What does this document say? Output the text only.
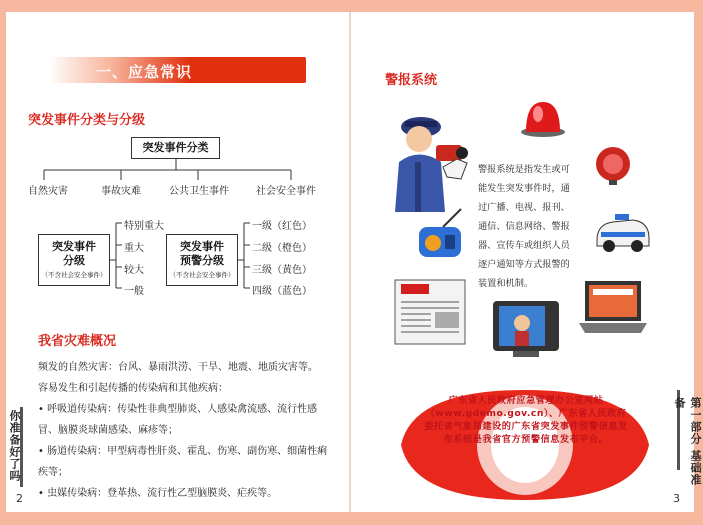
一、应急常识
突发事件分类与分级
突发事件分类
自然灾害	事故灾难	公共卫生事件	社会安全事件
突发事件
分级
（不含社会安全事件）
特别重大
重大
较大
一般
突发事件
预警分级
（不含社会安全事件）
一级（红色）
二级（橙色）
三级（黄色）
四级（蓝色）
我省灾难概况

频发的自然灾害：台风、暴雨洪涝、干旱、地震、地质灾害等。

容易发生和引起传播的传染病和其他疾病：

• 呼吸道传染病：传染性非典型肺炎、人感染禽流感、流行性感冒、脑膜炎球菌感染、麻疹等；

• 肠道传染病：甲型病毒性肝炎、霍乱、伤寒、副伤寒、细菌性痢疾等；

• 虫媒传染病：登革热、流行性乙型脑膜炎、疟疾等。

你准备好了吗
2
警报系统
警报系统是指发生或可能发生突发事件时，通过广播、电视、报刊、通信、信息网络、警报器、宣传车或组织人员逐户通知等方式报警的装置和机制。
广东省人民政府应急管理办公室网站（www.gdemo.gov.cn）、广东省人民政府委托省气象局建设的广东省突发事件预警信息发布系统是我省官方预警信息发布平台。	第一部分 基础准备
3
